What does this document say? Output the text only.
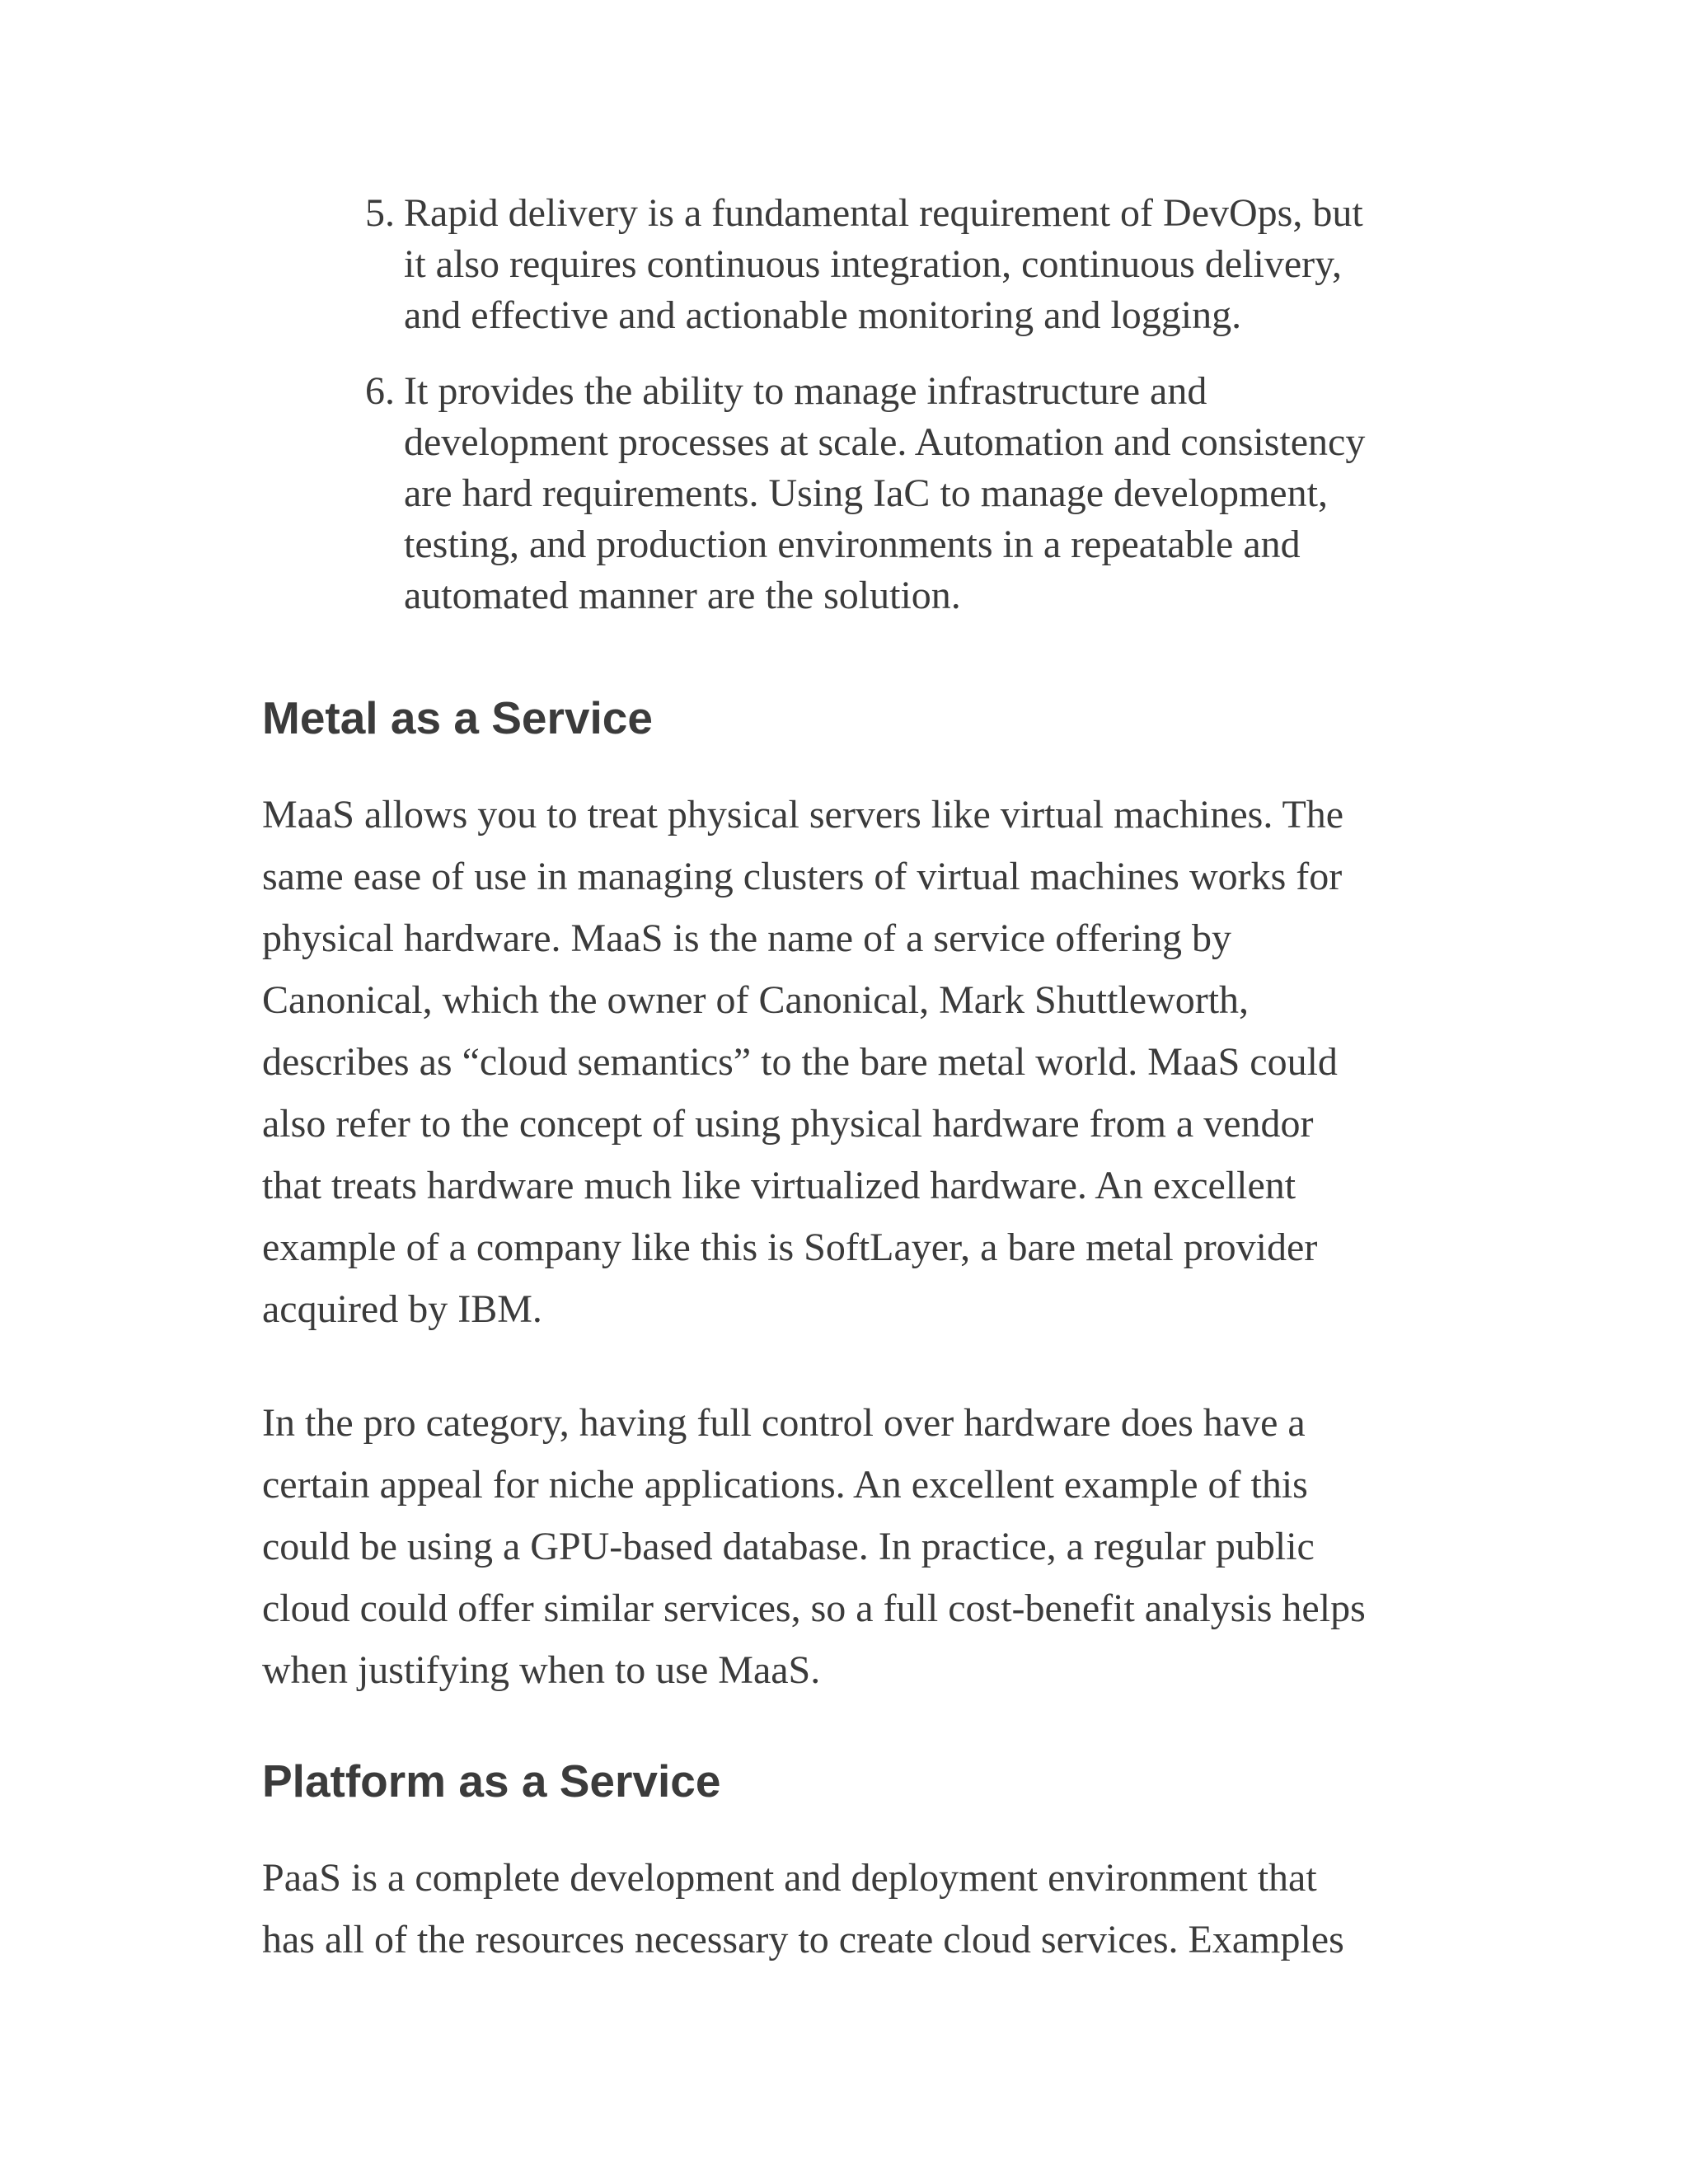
5. Rapid delivery is a fundamental requirement of DevOps, but
it also requires continuous integration, continuous delivery,
and effective and actionable monitoring and logging.
6. It provides the ability to manage infrastructure and
development processes at scale. Automation and consistency
are hard requirements. Using IaC to manage development,
testing, and production environments in a repeatable and
automated manner are the solution.
Metal as a Service

MaaS allows you to treat physical servers like virtual machines. The
same ease of use in managing clusters of virtual machines works for
physical hardware. MaaS is the name of a service offering by
Canonical, which the owner of Canonical, Mark Shuttleworth,
describes as “cloud semantics” to the bare metal world. MaaS could
also refer to the concept of using physical hardware from a vendor
that treats hardware much like virtualized hardware. An excellent
example of a company like this is SoftLayer, a bare metal provider
acquired by IBM.

In the pro category, having full control over hardware does have a
certain appeal for niche applications. An excellent example of this
could be using a GPU-based database. In practice, a regular public
cloud could offer similar services, so a full cost-benefit analysis helps
when justifying when to use MaaS.

Platform as a Service

PaaS is a complete development and deployment environment that
has all of the resources necessary to create cloud services. Examples
